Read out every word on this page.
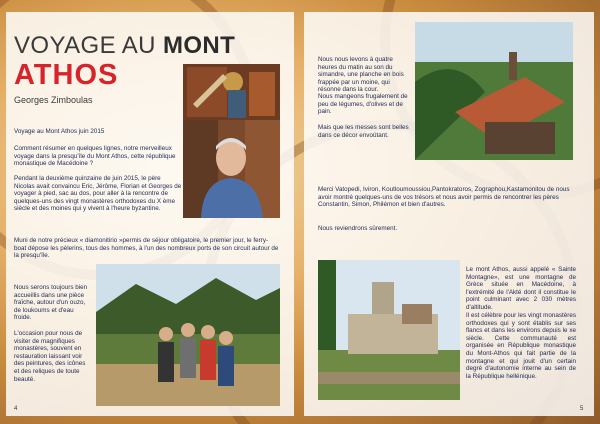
VOYAGE AU MONT
ATHOS
Georges Zimboulas
Voyage au Mont Athos juin 2015
Comment résumer en quelques lignes, notre merveilleux voyage dans la presqu'île du Mont Athos, cette république monastique de Macédoine ?
Pendant la deuxième quinzaine de juin 2015, le père Nicolas avait convaincu Eric, Jérôme, Florian et Georges de voyager à pied, sac au dos, pour aller à la rencontre de quelques-uns des vingt monastères orthodoxes du X ème siècle et des moines qui y vivent à l'heure byzantine.
Muni de notre précieux « diamonitirio »permis de séjour obligatoire, le premier jour, le ferry-boat dépose les pèlerins, tous des hommes, à l'un des nombreux ports de son circuit autour de la presqu'île.
Nous serons toujours bien accueillis dans une pièce fraîche, autour d'un ouzo, de loukoums et d'eau froide.
L'occasion pour nous de visiter de magnifiques monastères, souvent en restauration laissant voir des peintures, des icônes et des reliques de toute beauté.
4
Nous nous levons à quatre heures du matin au son du simandre, une planche en bois frappée par un moine, qui résonne dans la cour.
Nous mangeons frugalement de peu de légumes, d'olives et de pain.
Mais que les messes sont belles dans ce décor envoûtant.
Merci Vatopedi, Iviron, Koutloumoussiou,Pantokratoros, Zographou,Kastamonitou de nous avoir montré quelques-uns de vos trésors et nous avoir permis de rencontrer les pères Constantin, Simon, Philémon et bien d'autres.
Nous reviendrons sûrement.
Le mont Athos, aussi appelé « Sainte Montagne», est une montagne de Grèce située en Macédoine, à l'extrémité de l'Akté dont il constitue le point culminant avec 2 030 mètres d'altitude.
Il est célèbre pour les vingt monastères orthodoxes qui y sont établis sur ses flancs et dans les environs depuis le xe siècle. Cette communauté est organisée en République monastique du Mont-Athos qui fait partie de la montagne et qui jouit d'un certain degré d'autonomie interne au sein de la République hellénique.
5
